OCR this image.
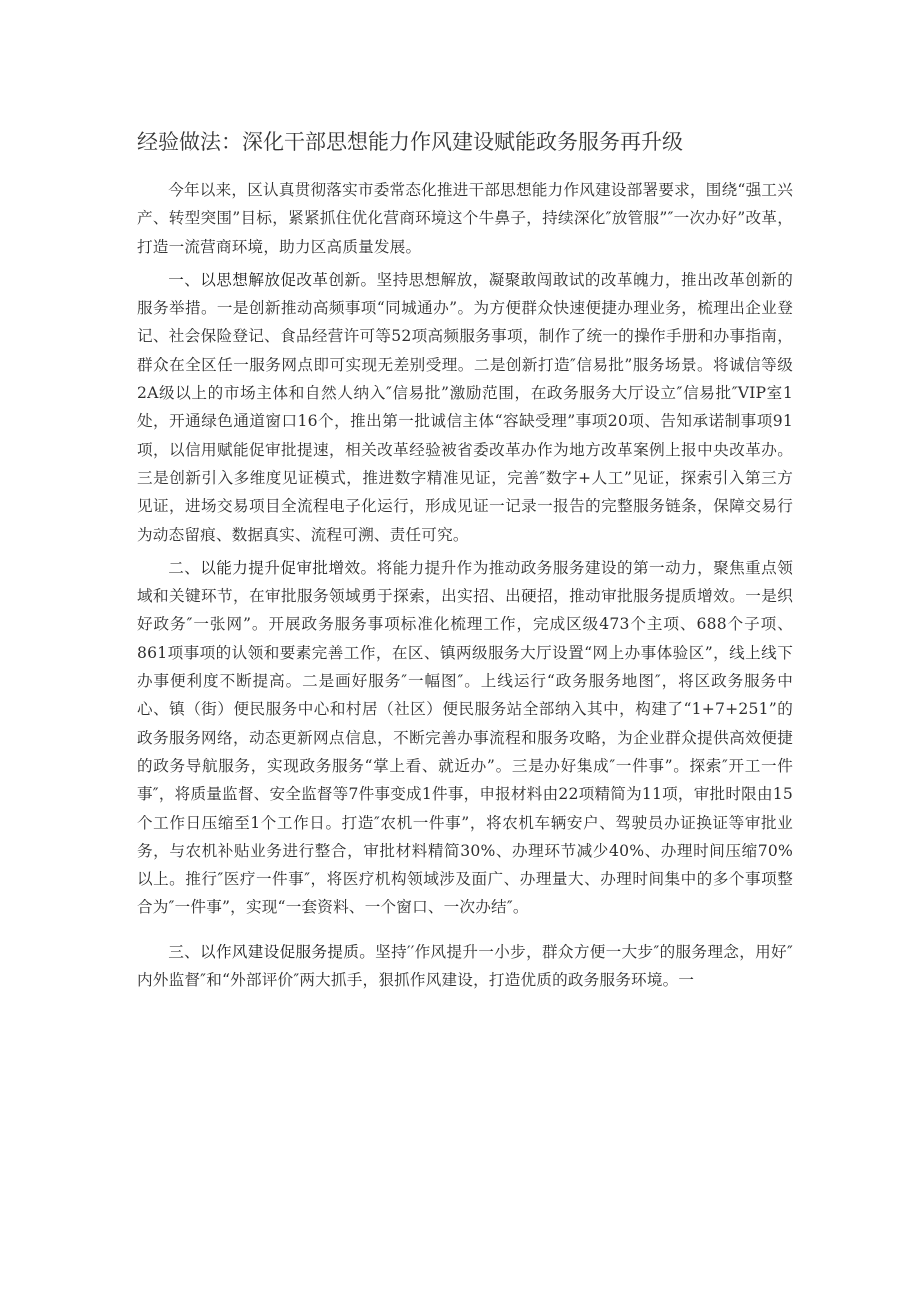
经验做法：深化干部思想能力作风建设赋能政务服务再升级

今年以来，区认真贯彻落实市委常态化推进干部思想能力作风建设部署要求，围绕“强工兴产、转型突围”目标，紧紧抓住优化营商环境这个牛鼻子，持续深化″放管服”″一次办好”改革，打造一流营商环境，助力区高质量发展。

一、以思想解放促改革创新。坚持思想解放，凝聚敢闯敢试的改革魄力，推出改革创新的服务举措。一是创新推动高频事项“同城通办”。为方便群众快速便捷办理业务，梳理出企业登记、社会保险登记、食品经营许可等52项高频服务事项，制作了统一的操作手册和办事指南，群众在全区任一服务网点即可实现无差别受理。二是创新打造″信易批”服务场景。将诚信等级2A级以上的市场主体和自然人纳入″信易批”激励范围，在政务服务大厅设立″信易批″VIP室1处，开通绿色通道窗口16个，推出第一批诚信主体“容缺受理”事项20项、告知承诺制事项91项，以信用赋能促审批提速，相关改革经验被省委改革办作为地方改革案例上报中央改革办。三是创新引入多维度见证模式，推进数字精准见证，完善″数字+人工”见证，探索引入第三方见证，进场交易项目全流程电子化运行，形成见证一记录一报告的完整服务链条，保障交易行为动态留痕、数据真实、流程可溯、责任可究。

二、以能力提升促审批增效。将能力提升作为推动政务服务建设的第一动力，聚焦重点领域和关键环节，在审批服务领域勇于探索，出实招、出硬招，推动审批服务提质增效。一是织好政务″一张网”。开展政务服务事项标准化梳理工作，完成区级473个主项、688个子项、861项事项的认领和要素完善工作，在区、镇两级服务大厅设置“网上办事体验区”，线上线下办事便利度不断提高。二是画好服务″一幅图″。上线运行“政务服务地图″，将区政务服务中心、镇（街）便民服务中心和村居（社区）便民服务站全部纳入其中，构建了“1+7+251”的政务服务网络，动态更新网点信息，不断完善办事流程和服务攻略，为企业群众提供高效便捷的政务导航服务，实现政务服务“掌上看、就近办”。三是办好集成″一件事”。探索″开工一件事″，将质量监督、安全监督等7件事变成1件事，申报材料由22项精简为11项，审批时限由15个工作日压缩至1个工作日。打造″农机一件事”，将农机车辆安户、驾驶员办证换证等审批业务，与农机补贴业务进行整合，审批材料精简30%、办理环节减少40%、办理时间压缩70%以上。推行″医疗一件事″，将医疗机构领域涉及面广、办理量大、办理时间集中的多个事项整合为″一件事”，实现“一套资料、一个窗口、一次办结″。

三、以作风建设促服务提质。坚持′′作风提升一小步，群众方便一大步″的服务理念，用好″内外监督″和“外部评价″两大抓手，狠抓作风建设，打造优质的政务服务环境。一
